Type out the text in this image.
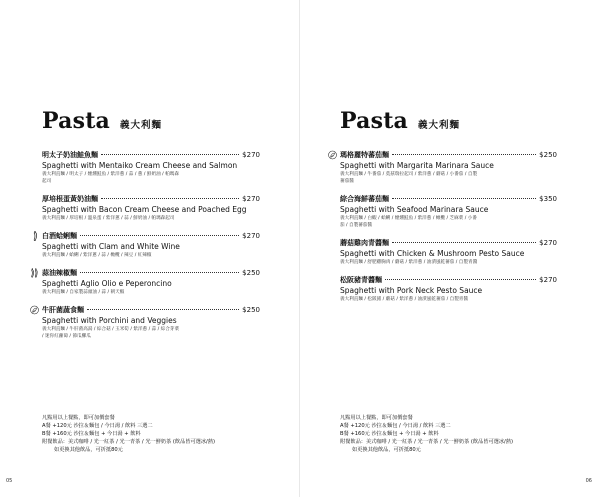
Pasta 義大利麵
明太子奶油鮭魚麵	$270
Spaghetti with Mentaiko Cream Cheese and Salmon
義大利直麵 / 明太子 / 煙燻鮭魚 / 紫洋蔥 / 蒜 / 蔥 / 鮮奶油 / 帕瑪森起司
厚培根蛋黃奶油麵	$270
Spaghetti with Bacon Cream Cheese and Poached Egg
義大利直麵 / 厚培根 / 溫泉蛋 / 紫洋蔥 / 蒜 / 鮮奶油 / 帕瑪森起司
白酒蛤蜊麵	$270
Spaghetti with Clam and White Wine
義大利直麵 / 蛤蜊 / 紫洋蔥 / 蒜 / 橄欖 / 辣豆 / 紅辣椒
蒜油辣椒麵	$250
Spaghetti Aglio Olio e Peperoncino
義大利直麵 / 自家製蒜頭油 / 蒜 / 朝天椒
牛肝菌蔬食麵	$250
Spaghetti with Porchini and Veggies
義大利直麵 / 牛肝菌高湯 / 綜合菇 / 玉米筍 / 紫洋蔥 / 蒜 / 綜合芽菜 / 迷你紅蘿蔔 / 節瓜櫛瓜
凡點用以上餐點，即可加價套餐
A餐 +120元 沙拉＆麵包 / 今日湯 / 飲料 三選二
B餐 +160元 沙拉＆麵包 + 今日湯 + 飲料
附餐飲品：美式咖啡 / 光一紅茶 / 光一青茶 / 光一鮮奶茶 (飲品皆可選冰/熱)
如更換其他飲品，可折抵80元
05
Pasta 義大利麵
瑪格麗特蕃茄麵	$250
Spaghetti with Margarita Marinara Sauce
義大利直麵 / 牛番茄 / 莫茲瑞拉起司 / 紫洋蔥 / 蘑菇 / 小番茄 / 自製蕃茄醬
綜合海鮮蕃茄麵	$350
Spaghetti with Seafood Marinara Sauce
義大利直麵 / 白蝦 / 蛤蜊 / 煙燻鮭魚 / 紫洋蔥 / 橄欖 / 芝麻菜 / 小番茄 / 自製蕃茄醬
蘑菇雞肉青醬麵	$270
Spaghetti with Chicken & Mushroom Pesto Sauce
義大利直麵 / 舒肥雞胸肉 / 蘑菇 / 紫洋蔥 / 油漬風乾蕃茄 / 自製青醬
松阪豬青醬麵	$270
Spaghetti with Pork Neck Pesto Sauce
義大利直麵 / 松阪豬 / 蘑菇 / 紫洋蔥 / 油漬風乾蕃茄 / 自製青醬
凡點用以上餐點，即可加價套餐
A餐 +120元 沙拉＆麵包 / 今日湯 / 飲料 三選二
B餐 +160元 沙拉＆麵包 + 今日湯 + 飲料
附餐飲品：美式咖啡 / 光一紅茶 / 光一青茶 / 光一鮮奶茶 (飲品皆可選冰/熱)
如更換其他飲品，可折抵80元
06
